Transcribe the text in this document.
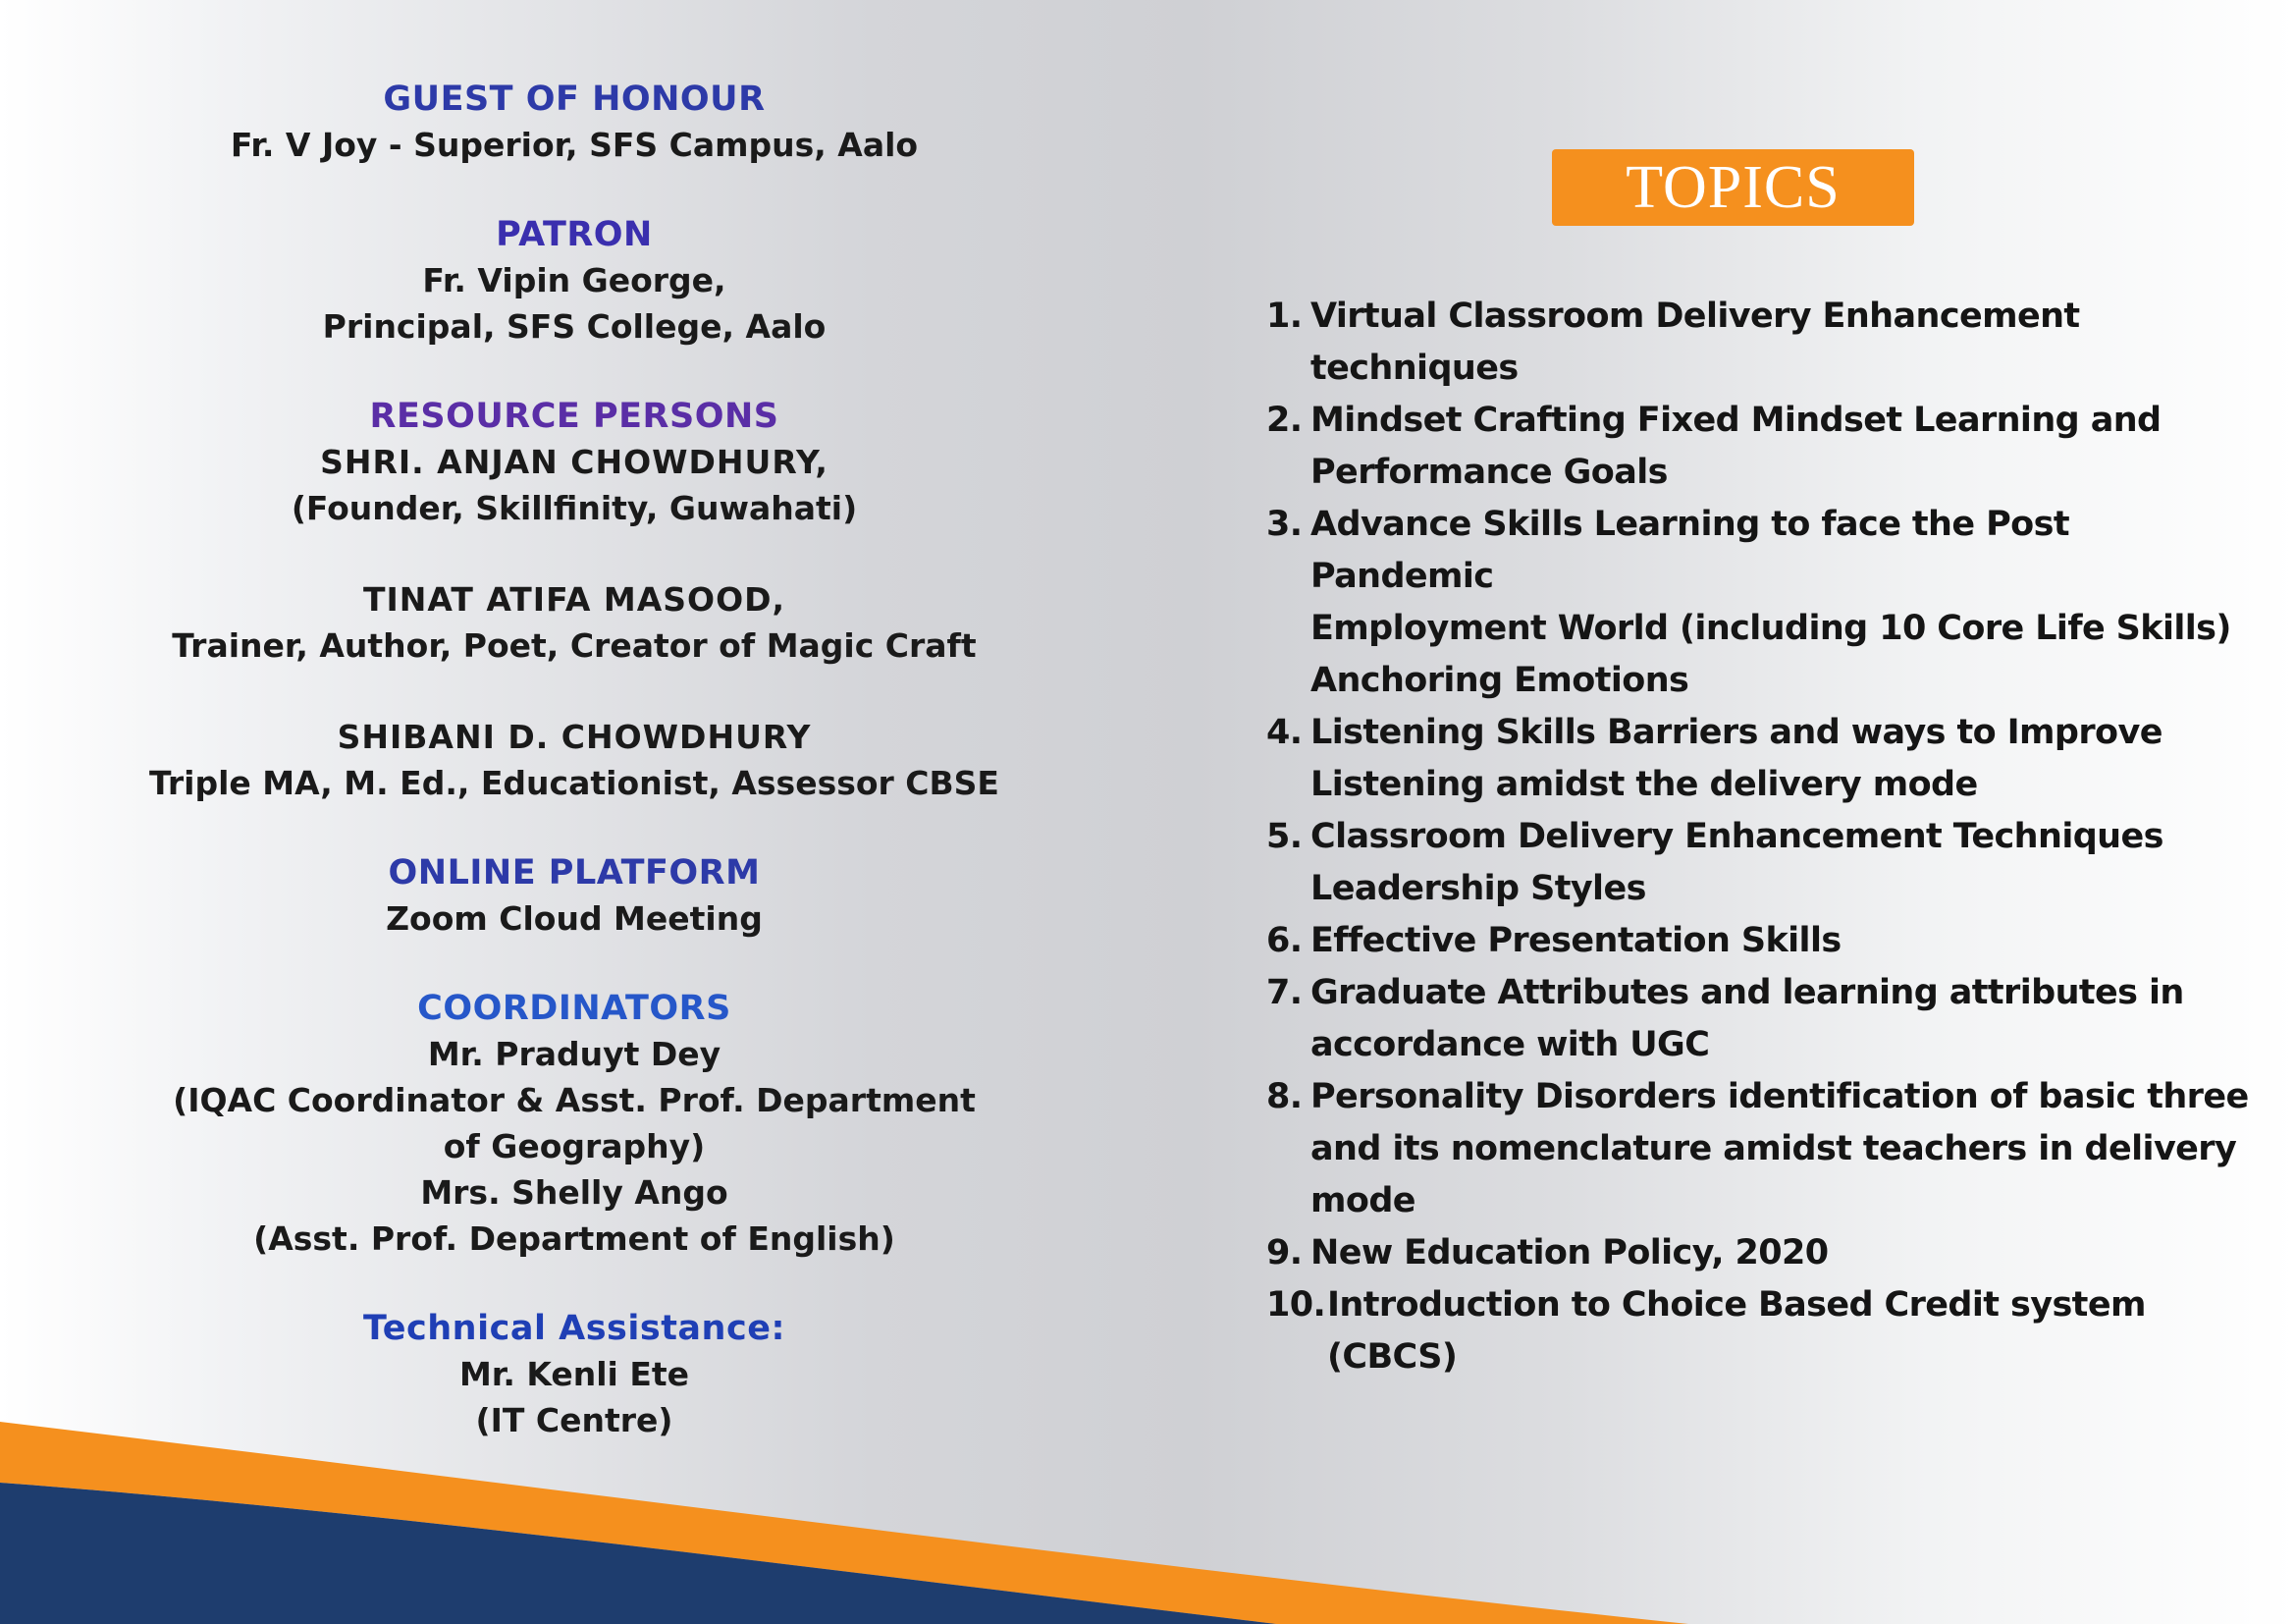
GUEST OF HONOUR
Fr. V Joy - Superior, SFS Campus, Aalo
PATRON
Fr. Vipin George,
Principal, SFS College, Aalo
RESOURCE PERSONS
SHRI. ANJAN CHOWDHURY,
(Founder, Skillfinity, Guwahati)
TINAT ATIFA MASOOD,
Trainer, Author, Poet, Creator of Magic Craft
SHIBANI D. CHOWDHURY
Triple MA, M. Ed., Educationist, Assessor CBSE
ONLINE PLATFORM
Zoom Cloud Meeting
COORDINATORS
Mr. Praduyt Dey
(IQAC Coordinator & Asst. Prof. Department
of Geography)
Mrs. Shelly Ango
(Asst. Prof. Department of English)
Technical Assistance:
Mr. Kenli Ete
(IT Centre)
TOPICS
1. Virtual Classroom Delivery Enhancement
techniques
2. Mindset Crafting Fixed Mindset Learning and
Performance Goals
3. Advance Skills Learning to face the Post Pandemic
Employment World (including 10 Core Life Skills)
Anchoring Emotions
4. Listening Skills Barriers and ways to Improve
Listening amidst the delivery mode
5. Classroom Delivery Enhancement Techniques
Leadership Styles
6. Effective Presentation Skills
7. Graduate Attributes and learning attributes in
accordance with UGC
8. Personality Disorders identification of basic three
and its nomenclature amidst teachers in delivery
mode
9. New Education Policy, 2020
10. Introduction to Choice Based Credit system
(CBCS)
